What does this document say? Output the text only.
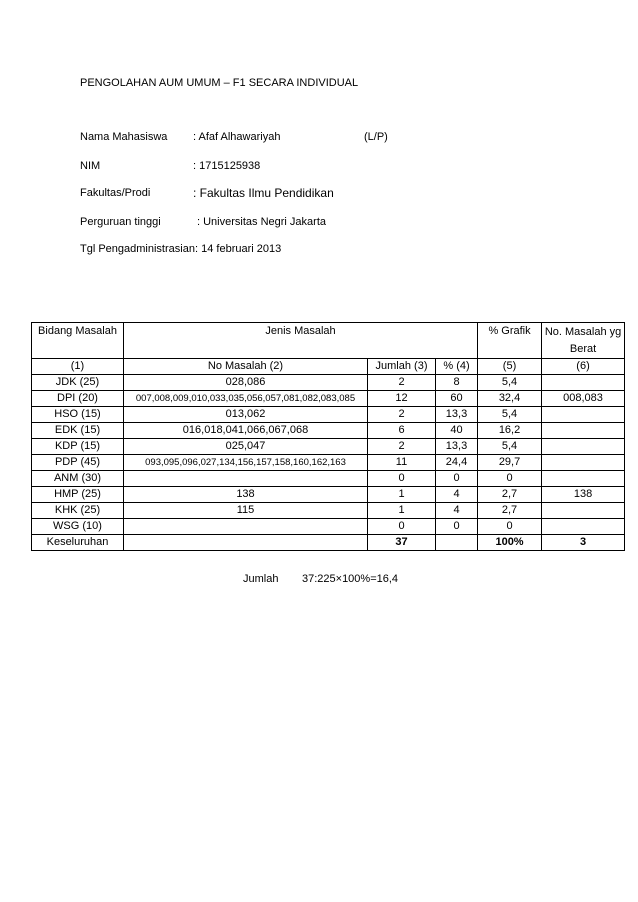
PENGOLAHAN AUM UMUM – F1 SECARA INDIVIDUAL
Nama Mahasiswa : Afaf Alhawariyah	(L/P)
NIM	: 1715125938
Fakultas/Prodi	: Fakultas Ilmu Pendidikan
Perguruan tinggi	: Universitas Negri Jakarta
Tgl Pengadministrasian : 14 februari 2013
Bidang Masalah	Jenis Masalah			% Grafik	No. Masalah yg Berat
(1)	No Masalah (2)	Jumlah (3)	% (4)	(5)	(6)
JDK (25)	028,086	2	8	5,4	
DPI (20)	007,008,009,010,033,035,056,057,081,082,083,085	12	60	32,4	008,083
HSO (15)	013,062	2	13,3	5,4	
EDK (15)	016,018,041,066,067,068	6	40	16,2	
KDP (15)	025,047	2	13,3	5,4	
PDP (45)	093,095,096,027,134,156,157,158,160,162,163	11	24,4	29,7	
ANM (30)		0	0	0	
HMP (25)	138	1	4	2,7	138
KHK (25)	115	1	4	2,7	
WSG (10)		0	0	0	
Keseluruhan		37		100%	3
Jumlah 37:225×100%=16,4
